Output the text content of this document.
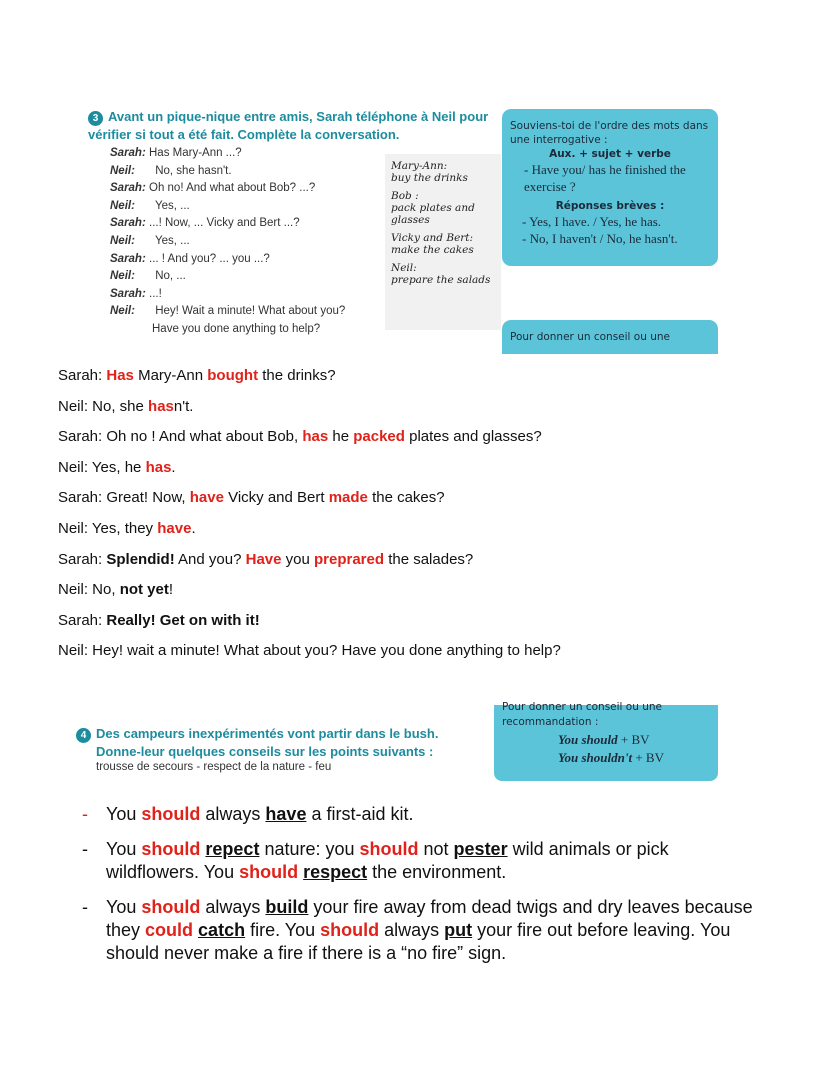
3 Avant un pique-nique entre amis, Sarah téléphone à Neil pour vérifier si tout a été fait. Complète la conversation.
Sarah: Has Mary-Ann ...?
Neil: No, she hasn't.
Sarah: Oh no! And what about Bob? ...?
Neil: Yes, ...
Sarah: ...! Now, ... Vicky and Bert ...?
Neil: Yes, ...
Sarah: ... ! And you? ... you ...?
Neil: No, ...
Sarah: ...!
Neil: Hey! Wait a minute! What about you?
Have you done anything to help?
Mary-Ann:
buy the drinks

Bob :
pack plates and
glasses

Vicky and Bert:
make the cakes

Neil:
prepare the salads

Souviens-toi de l'ordre des mots dans une interrogative :
Aux. + sujet + verbe
- Have you/ has he finished the exercise ?
Réponses brèves :
- Yes, I have. / Yes, he has.
- No, I haven't / No, he hasn't.
Pour donner un conseil ou une
Sarah: Has Mary-Ann bought the drinks?
Neil: No, she hasn't.
Sarah: Oh no ! And what about Bob, has he packed plates and glasses?
Neil: Yes, he has.
Sarah: Great! Now, have Vicky and Bert made the cakes?
Neil: Yes, they have.
Sarah: Splendid! And you? Have you preprared the salades?
Neil: No, not yet!
Sarah: Really! Get on with it!
Neil: Hey! wait a minute! What about you? Have you done anything to help?
4 Des campeurs inexpérimentés vont partir dans le bush.
Donne-leur quelques conseils sur les points suivants :
trousse de secours - respect de la nature - feu
Pour donner un conseil ou une
recommandation :
You should + BV
You shouldn't + BV
- You should always have a first-aid kit.
- You should repect nature: you should not pester wild animals or pick wildflowers. You should respect the environment.
- You should always build your fire away from dead twigs and dry leaves because they could catch fire. You should always put your fire out before leaving. You should never make a fire if there is a “no fire” sign.
